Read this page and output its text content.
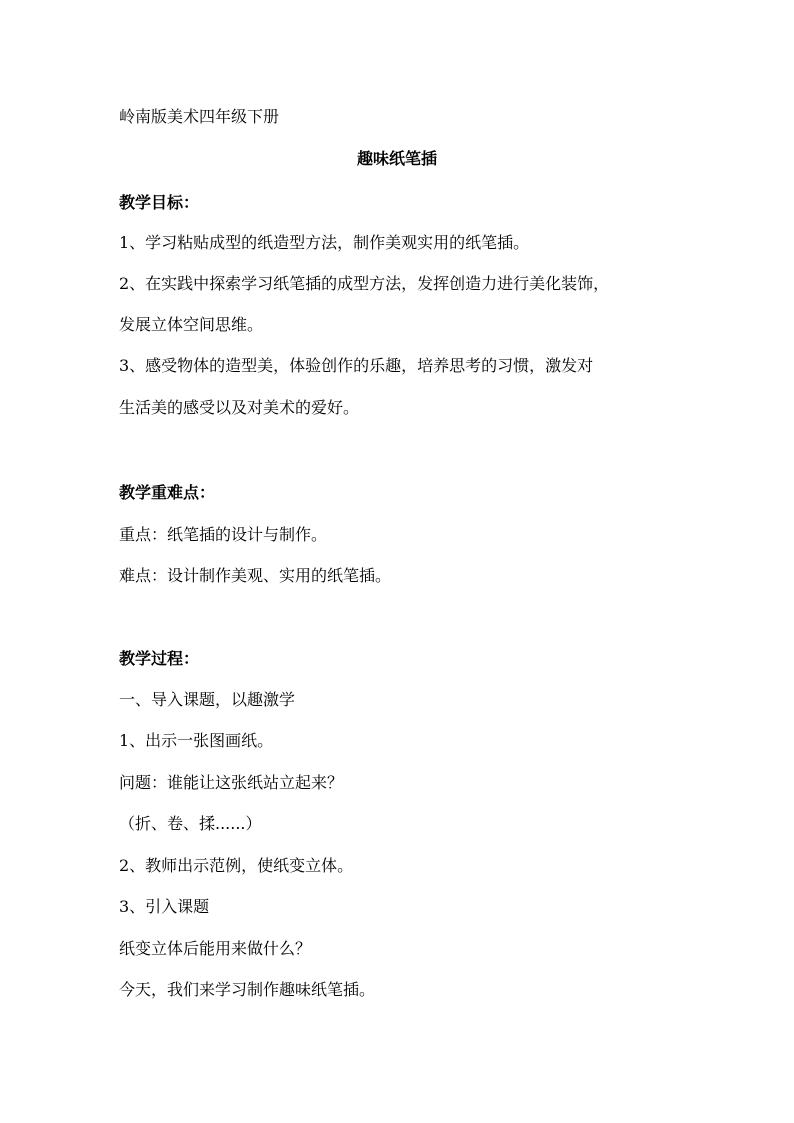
岭南版美术四年级下册
趣味纸笔插
教学目标：
1、学习粘贴成型的纸造型方法，制作美观实用的纸笔插。
2、在实践中探索学习纸笔插的成型方法，发挥创造力进行美化装饰，
发展立体空间思维。
3、感受物体的造型美，体验创作的乐趣，培养思考的习惯，激发对
生活美的感受以及对美术的爱好。
教学重难点：
重点：纸笔插的设计与制作。
难点：设计制作美观、实用的纸笔插。
教学过程：
一、导入课题，以趣激学
1、出示一张图画纸。
问题：谁能让这张纸站立起来？
（折、卷、揉......）
2、教师出示范例，使纸变立体。
3、引入课题
纸变立体后能用来做什么？
今天，我们来学习制作趣味纸笔插。
